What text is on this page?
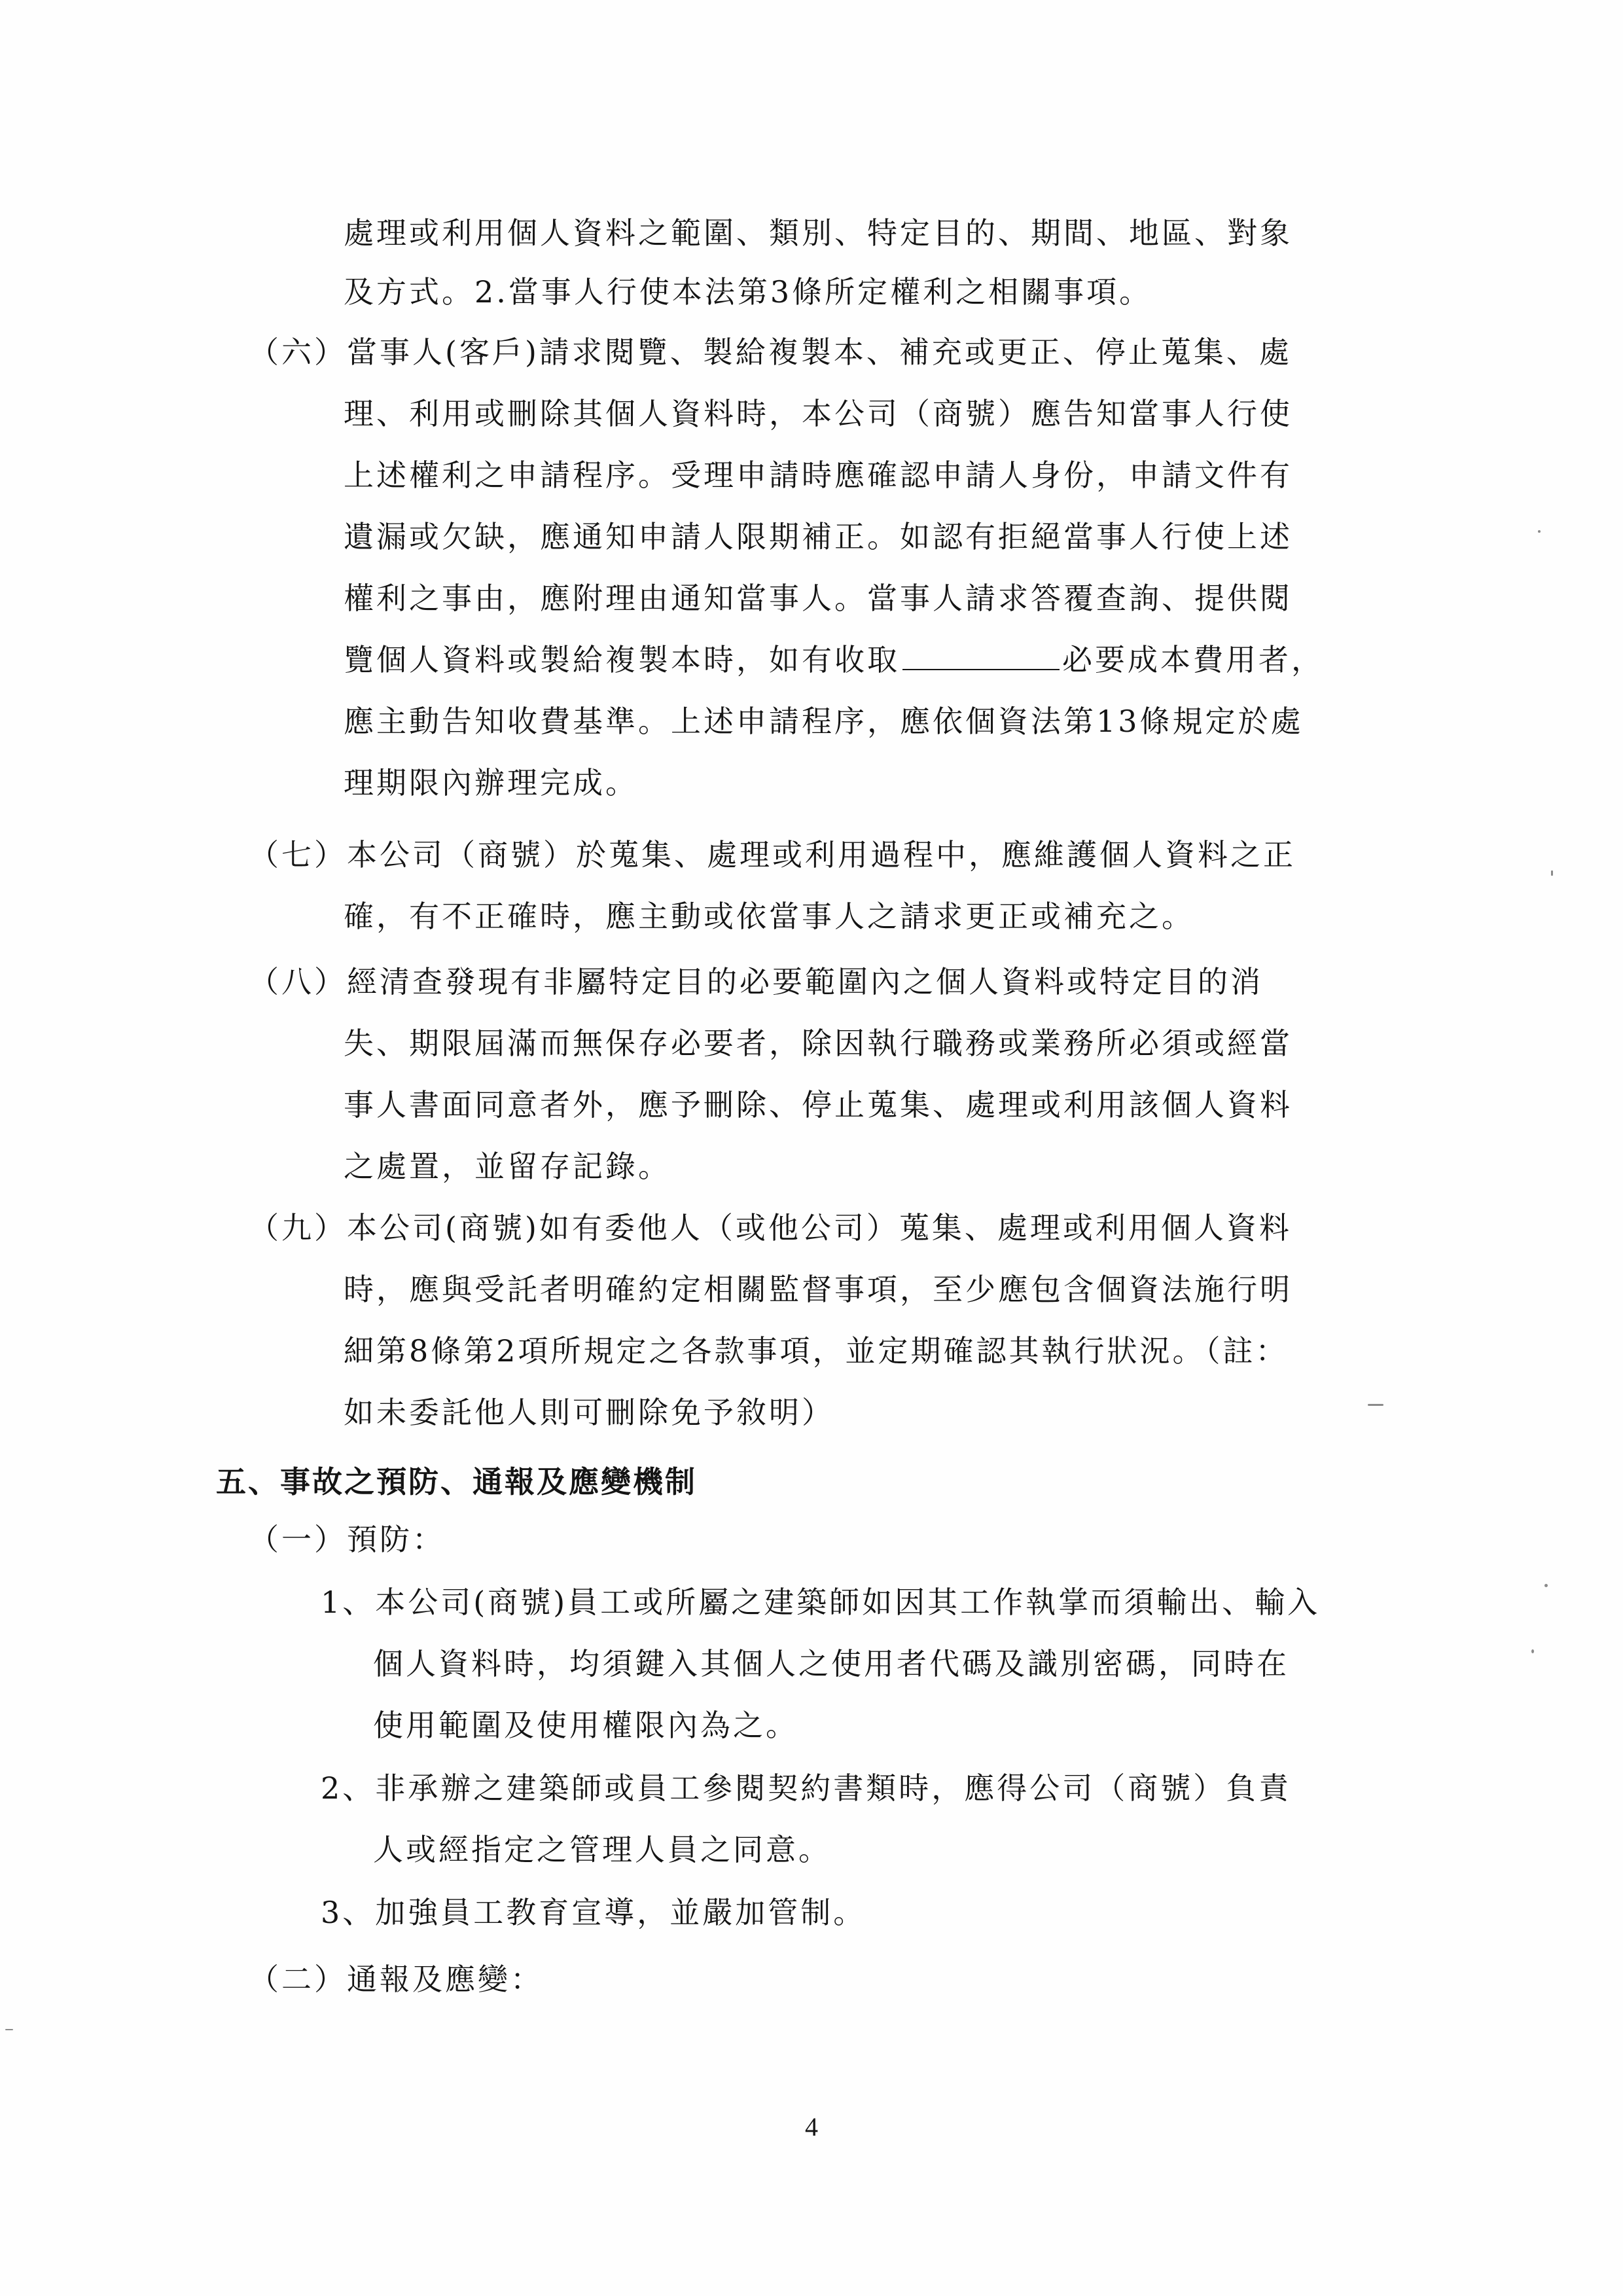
處理或利用個人資料之範圍、類別、特定目的、期間、地區、對象
及方式。2.當事人行使本法第3條所定權利之相關事項。
（六）當事人(客戶)請求閱覽、製給複製本、補充或更正、停止蒐集、處
理、利用或刪除其個人資料時，本公司（商號）應告知當事人行使
上述權利之申請程序。受理申請時應確認申請人身份，申請文件有
遺漏或欠缺，應通知申請人限期補正。如認有拒絕當事人行使上述
權利之事由，應附理由通知當事人。當事人請求答覆查詢、提供閱
覽個人資料或製給複製本時，如有收取	必要成本費用者，
應主動告知收費基準。上述申請程序，應依個資法第13條規定於處
理期限內辦理完成。
（七）本公司（商號）於蒐集、處理或利用過程中，應維護個人資料之正
確，有不正確時，應主動或依當事人之請求更正或補充之。
（八）經清查發現有非屬特定目的必要範圍內之個人資料或特定目的消
失、期限屆滿而無保存必要者，除因執行職務或業務所必須或經當
事人書面同意者外，應予刪除、停止蒐集、處理或利用該個人資料
之處置，並留存記錄。
（九）本公司(商號)如有委他人（或他公司）蒐集、處理或利用個人資料
時，應與受託者明確約定相關監督事項，至少應包含個資法施行明
細第8條第2項所規定之各款事項，並定期確認其執行狀況。（註：
如未委託他人則可刪除免予敘明）
五、事故之預防、通報及應變機制
（一）預防：
1、本公司(商號)員工或所屬之建築師如因其工作執掌而須輸出、輸入
個人資料時，均須鍵入其個人之使用者代碼及識別密碼，同時在
使用範圍及使用權限內為之。
2、非承辦之建築師或員工參閱契約書類時，應得公司（商號）負責
人或經指定之管理人員之同意。
3、加強員工教育宣導，並嚴加管制。
（二）通報及應變：
4
